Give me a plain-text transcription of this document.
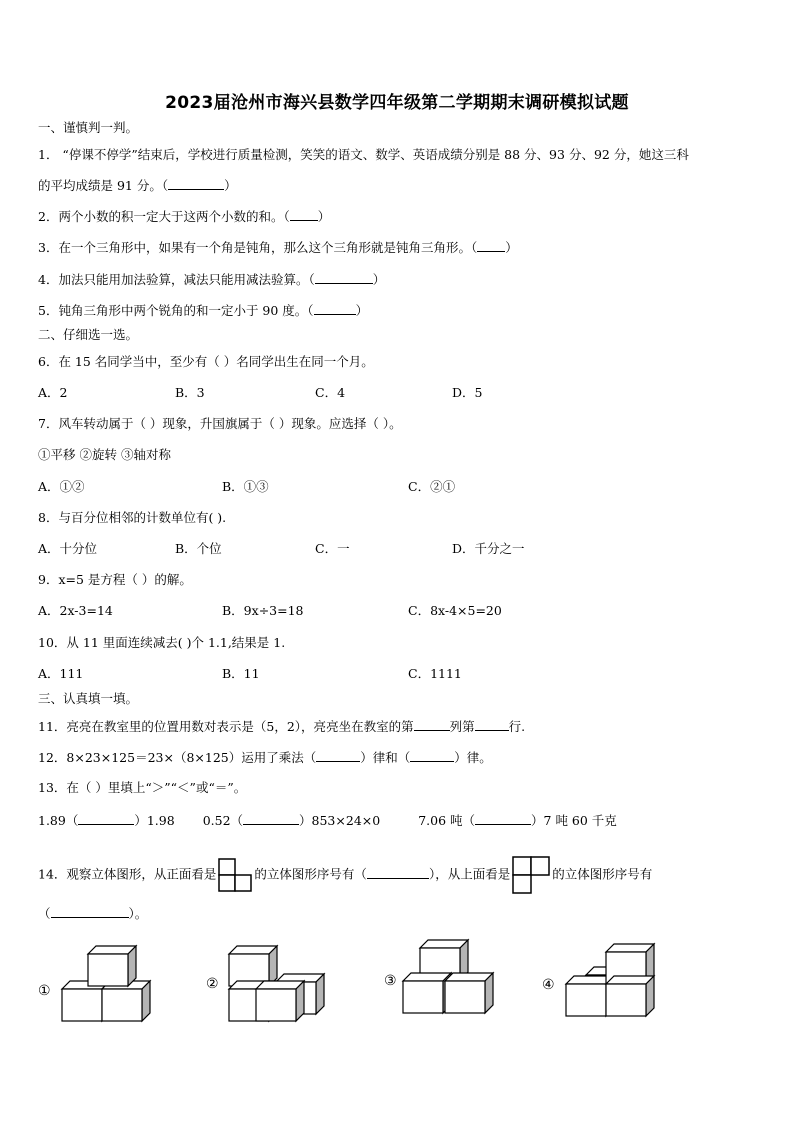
2023届沧州市海兴县数学四年级第二学期期末调研模拟试题
一、谨慎判一判。
1． “停课不停学”结束后，学校进行质量检测，笑笑的语文、数学、英语成绩分别是 88 分、93 分、92 分，她这三科
的平均成绩是 91 分。（	）
2．两个小数的积一定大于这两个小数的和。（ ）
3．在一个三角形中，如果有一个角是钝角，那么这个三角形就是钝角三角形。（ ）
4．加法只能用加法验算，减法只能用减法验算。（	）
5．钝角三角形中两个锐角的和一定小于 90 度。（	）
二、仔细选一选。
6．在 15 名同学当中，至少有（ ）名同学出生在同一个月。
A．2	B．3	C．4	D．5
7．风车转动属于（ ）现象，升国旗属于（ ）现象。应选择（ ）。
①平移 ②旋转 ③轴对称
A．①②	B．①③	C．②①
8．与百分位相邻的计数单位有( ).
A．十分位	B．个位	C．一	D．千分之一
9．x=5 是方程（ ）的解。
A．2x-3=14	B．9x÷3=18	C．8x-4×5=20
10．从 11 里面连续减去( )个 1.1,结果是 1.
A．111	B．11	C．1111
三、认真填一填。
11．亮亮在教室里的位置用数对表示是（5，2），亮亮坐在教室的第	列第	行.
12．8×23×125＝23×（8×125）运用了乘法（	）律和（	）律。
13．在（ ）里填上“＞”“＜”或“＝”。
1.89（	）1.98 0.52（	）853×24×0	7.06 吨（	）7 吨 60 千克
14．观察立体图形，从正面看是	的立体图形序号有（	），从上面看是	的立体图形序号有
（	）。
①	②	③	④
